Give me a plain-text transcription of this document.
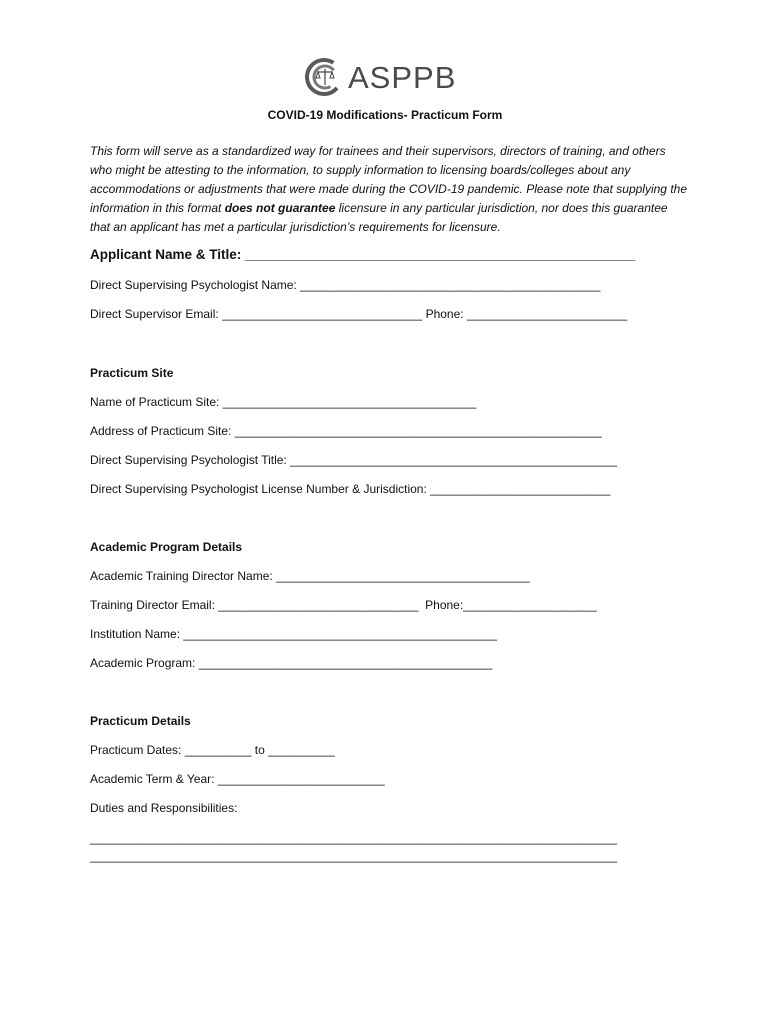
ASPPB
COVID-19 Modifications- Practicum Form
This form will serve as a standardized way for trainees and their supervisors, directors of training, and others who might be attesting to the information, to supply information to licensing boards/colleges about any accommodations or adjustments that were made during the COVID-19 pandemic. Please note that supplying the information in this format does not guarantee licensure in any particular jurisdiction, nor does this guarantee that an applicant has met a particular jurisdiction’s requirements for licensure.
Applicant Name & Title: ____________________________________________________
Direct Supervising Psychologist Name: _____________________________________________
Direct Supervisor Email: ______________________________ Phone: ________________________
Practicum Site
Name of Practicum Site: ______________________________________
Address of Practicum Site: _______________________________________________________
Direct Supervising Psychologist Title: _________________________________________________
Direct Supervising Psychologist License Number & Jurisdiction: ___________________________
Academic Program Details
Academic Training Director Name: ______________________________________
Training Director Email: ______________________________  Phone:____________________
Institution Name: _______________________________________________
Academic Program: ____________________________________________
Practicum Details
Practicum Dates: __________ to __________
Academic Term & Year: _________________________
Duties and Responsibilities:
_______________________________________________________________________________
_______________________________________________________________________________
